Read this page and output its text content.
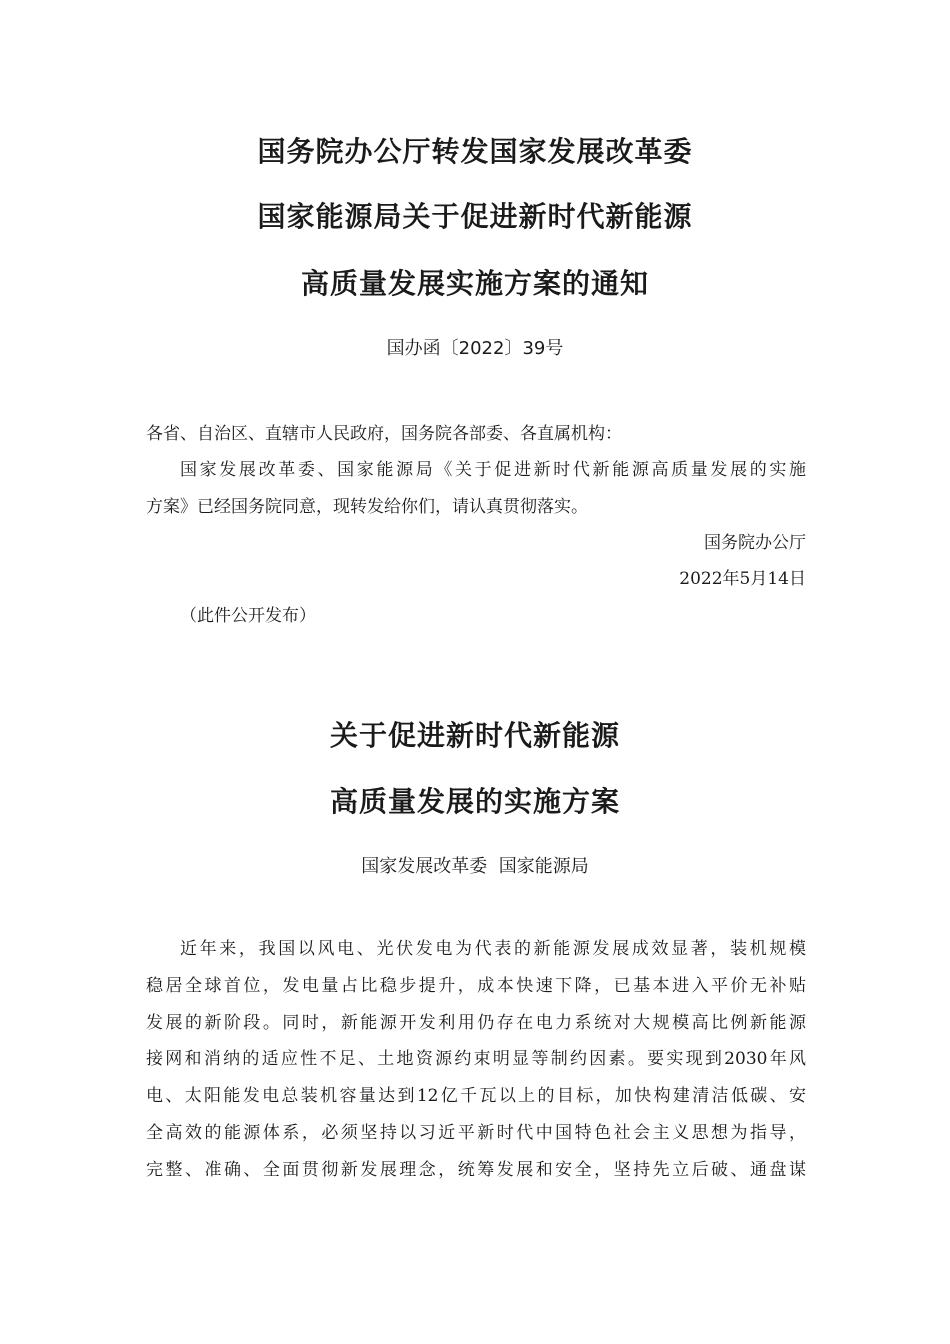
国务院办公厅转发国家发展改革委
国家能源局关于促进新时代新能源
高质量发展实施方案的通知
国办函〔2022〕39号
各省、自治区、直辖市人民政府，国务院各部委、各直属机构：
国家发展改革委、国家能源局《关于促进新时代新能源高质量发展的实施
方案》已经国务院同意，现转发给你们，请认真贯彻落实。
国务院办公厅
2022年5月14日
（此件公开发布）
关于促进新时代新能源
高质量发展的实施方案
国家发展改革委  国家能源局
近年来，我国以风电、光伏发电为代表的新能源发展成效显著，装机规模
稳居全球首位，发电量占比稳步提升，成本快速下降，已基本进入平价无补贴
发展的新阶段。同时，新能源开发利用仍存在电力系统对大规模高比例新能源
接网和消纳的适应性不足、土地资源约束明显等制约因素。要实现到2030年风
电、太阳能发电总装机容量达到12亿千瓦以上的目标，加快构建清洁低碳、安
全高效的能源体系，必须坚持以习近平新时代中国特色社会主义思想为指导，
完整、准确、全面贯彻新发展理念，统筹发展和安全，坚持先立后破、通盘谋
